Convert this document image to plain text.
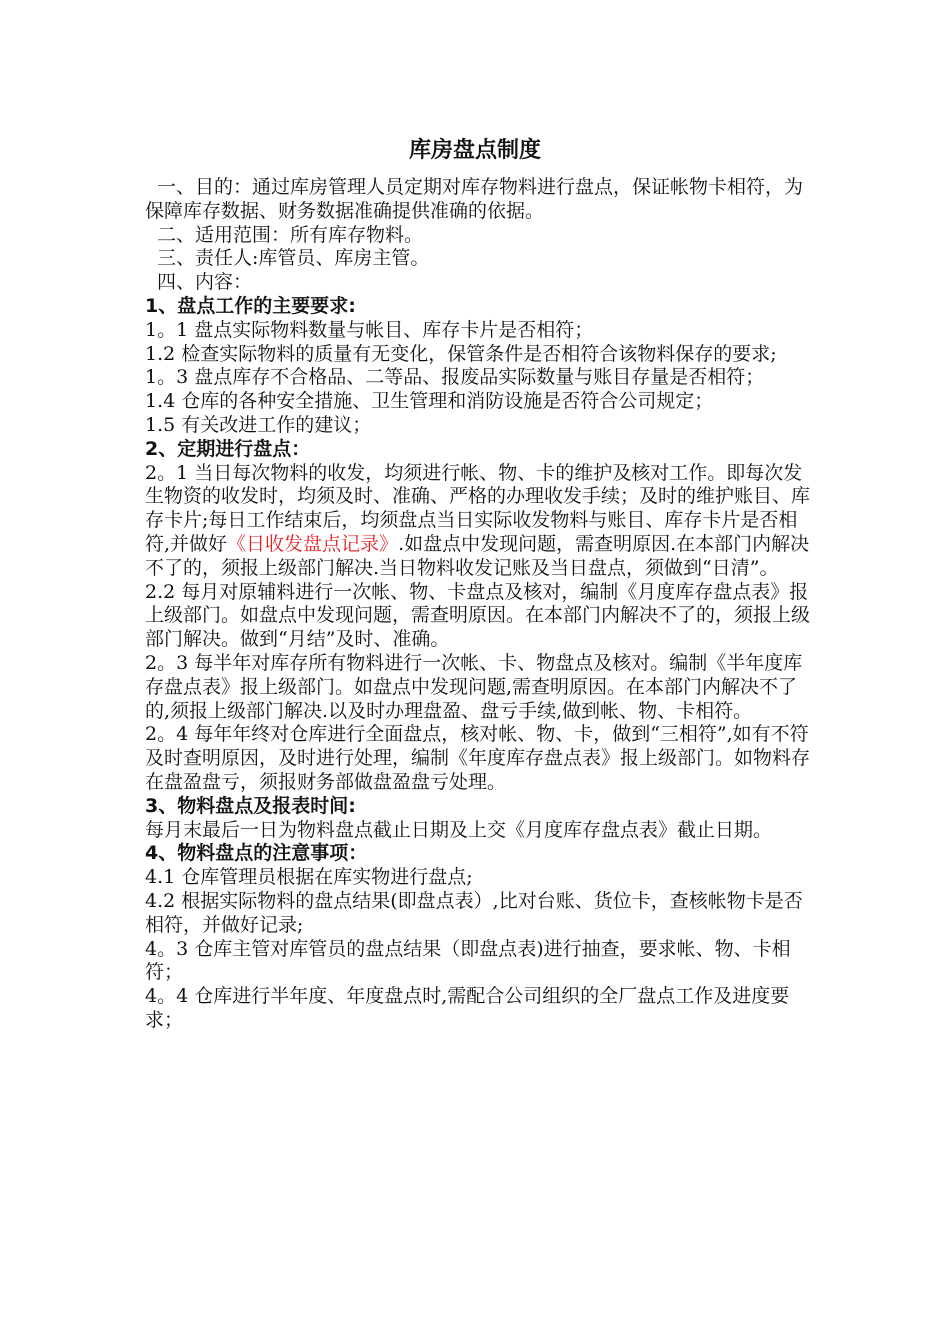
库房盘点制度

一、目的：通过库房管理人员定期对库存物料进行盘点，保证帐物卡相符，为保障库存数据、财务数据准确提供准确的依据。

二、适用范围：所有库存物料。

三、责任人:库管员、库房主管。

四、内容：

1、盘点工作的主要要求:

1。1 盘点实际物料数量与帐目、库存卡片是否相符；

1.2 检查实际物料的质量有无变化，保管条件是否相符合该物料保存的要求;

1。3 盘点库存不合格品、二等品、报废品实际数量与账目存量是否相符；

1.4 仓库的各种安全措施、卫生管理和消防设施是否符合公司规定；

1.5 有关改进工作的建议；

2、定期进行盘点：

2。1 当日每次物料的收发，均须进行帐、物、卡的维护及核对工作。即每次发生物资的收发时，均须及时、准确、严格的办理收发手续；及时的维护账目、库存卡片;每日工作结束后，均须盘点当日实际收发物料与账目、库存卡片是否相符,并做好《日收发盘点记录》.如盘点中发现问题，需查明原因.在本部门内解决不了的，须报上级部门解决.当日物料收发记账及当日盘点，须做到“日清”。

2.2 每月对原辅料进行一次帐、物、卡盘点及核对，编制《月度库存盘点表》报上级部门。如盘点中发现问题，需查明原因。在本部门内解决不了的，须报上级部门解决。做到“月结”及时、准确。

2。3 每半年对库存所有物料进行一次帐、卡、物盘点及核对。编制《半年度库存盘点表》报上级部门。如盘点中发现问题,需查明原因。在本部门内解决不了的,须报上级部门解决.以及时办理盘盈、盘亏手续,做到帐、物、卡相符。

2。4 每年年终对仓库进行全面盘点，核对帐、物、卡，做到“三相符”,如有不符及时查明原因，及时进行处理，编制《年度库存盘点表》报上级部门。如物料存在盘盈盘亏，须报财务部做盘盈盘亏处理。

3、物料盘点及报表时间:

每月末最后一日为物料盘点截止日期及上交《月度库存盘点表》截止日期。

4、物料盘点的注意事项：

4.1 仓库管理员根据在库实物进行盘点;

4.2 根据实际物料的盘点结果(即盘点表）,比对台账、货位卡，查核帐物卡是否相符，并做好记录;

4。3 仓库主管对库管员的盘点结果（即盘点表)进行抽查，要求帐、物、卡相符；

4。4 仓库进行半年度、年度盘点时,需配合公司组织的全厂盘点工作及进度要求；
